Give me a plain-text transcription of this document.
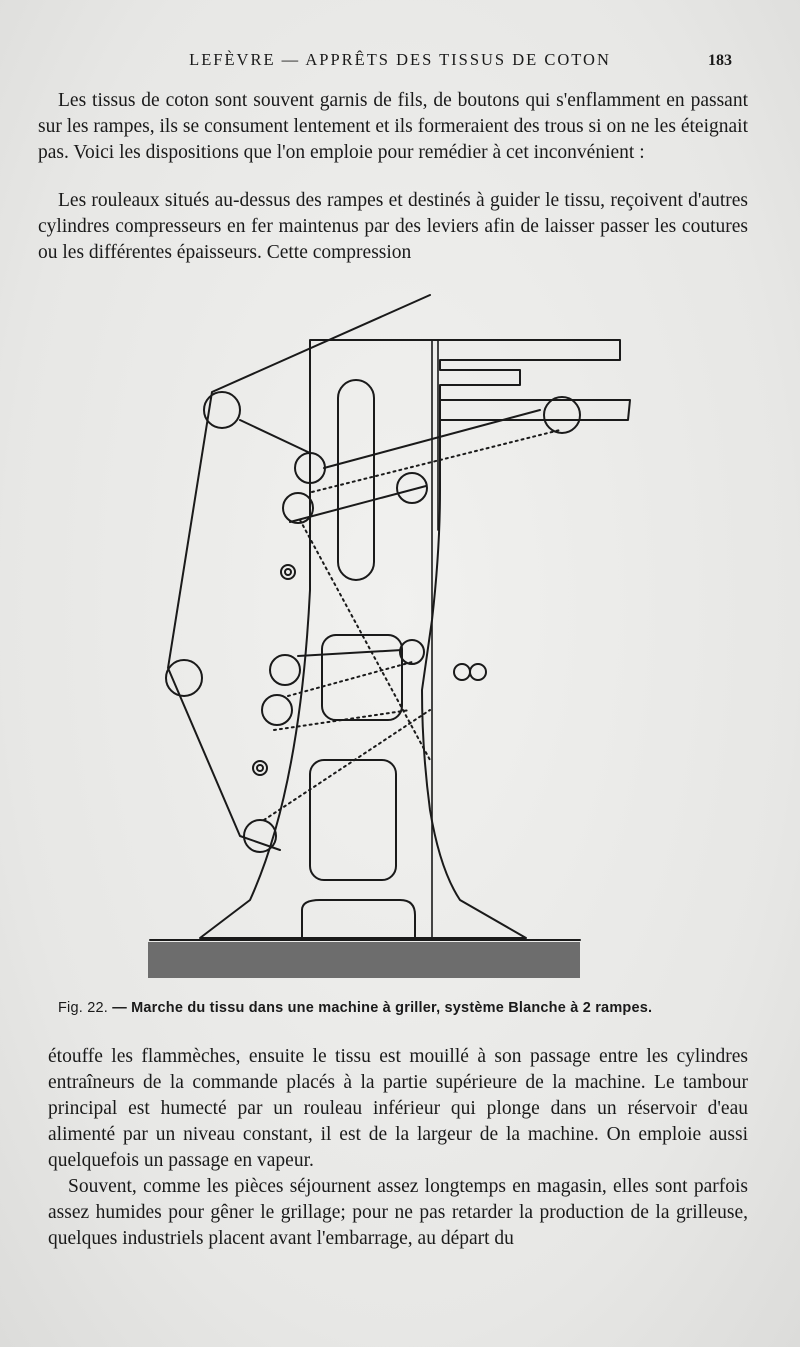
LEFÈVRE — APPRÊTS DES TISSUS DE COTON	183

Les tissus de coton sont souvent garnis de fils, de boutons qui s'enflamment en passant sur les rampes, ils se consument lentement et ils formeraient des trous si on ne les éteignait pas. Voici les dispositions que l'on emploie pour remédier à cet inconvénient :

Les rouleaux situés au-dessus des rampes et destinés à guider le tissu, reçoivent d'autres cylindres compresseurs en fer maintenus par des leviers afin de laisser passer les coutures ou les différentes épaisseurs. Cette compression

Fig. 22. — Marche du tissu dans une machine à griller, système Blanche à 2 rampes.

étouffe les flammèches, ensuite le tissu est mouillé à son passage entre les cylindres entraîneurs de la commande placés à la partie supérieure de la machine. Le tambour principal est humecté par un rouleau inférieur qui plonge dans un réservoir d'eau alimenté par un niveau constant, il est de la largeur de la machine. On emploie aussi quelquefois un passage en vapeur.

Souvent, comme les pièces séjournent assez longtemps en magasin, elles sont parfois assez humides pour gêner le grillage; pour ne pas retarder la production de la grilleuse, quelques industriels placent avant l'embarrage, au départ du
